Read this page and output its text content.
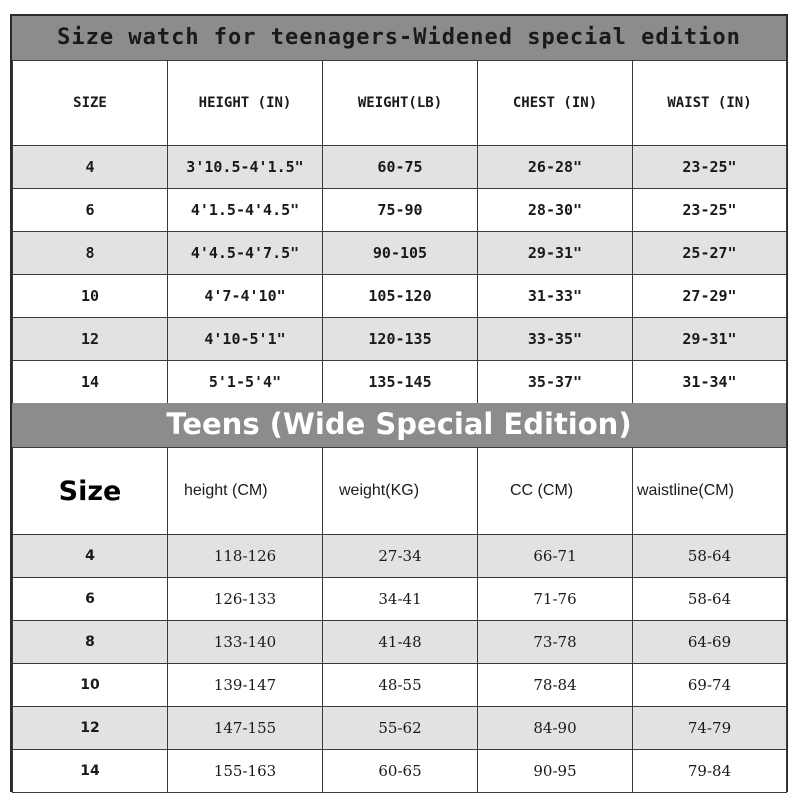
Size watch for teenagers-Widened special edition
SIZE	HEIGHT (IN)	WEIGHT(LB)	CHEST (IN)	WAIST (IN)
4	3'10.5-4'1.5"	60-75	26-28"	23-25"
6	4'1.5-4'4.5"	75-90	28-30"	23-25"
8	4'4.5-4'7.5"	90-105	29-31"	25-27"
10	4'7-4'10"	105-120	31-33"	27-29"
12	4'10-5'1"	120-135	33-35"	29-31"
14	5'1-5'4"	135-145	35-37"	31-34"
Teens (Wide Special Edition)
Size	height (CM)	weight(KG)	CC (CM)	waistline(CM)
4	118-126	27-34	66-71	58-64
6	126-133	34-41	71-76	58-64
8	133-140	41-48	73-78	64-69
10	139-147	48-55	78-84	69-74
12	147-155	55-62	84-90	74-79
14	155-163	60-65	90-95	79-84
